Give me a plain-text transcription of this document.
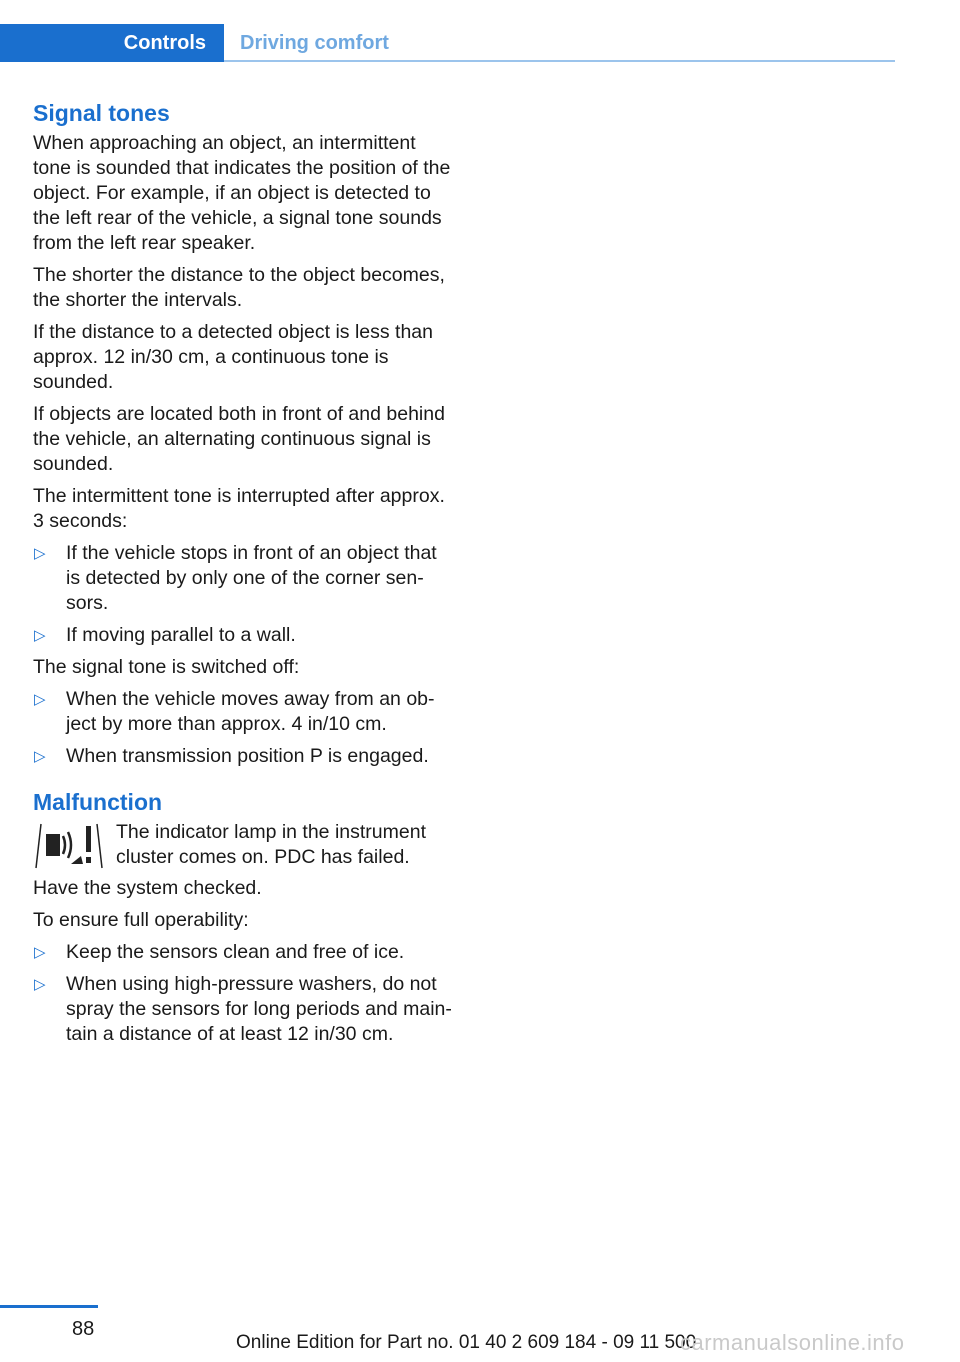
Controls	Driving comfort
Signal tones

When approaching an object, an intermittent tone is sounded that indicates the position of the object. For example, if an object is detected to the left rear of the vehicle, a signal tone sounds from the left rear speaker.

The shorter the distance to the object becomes, the shorter the intervals.

If the distance to a detected object is less than approx. 12 in/30 cm, a continuous tone is sounded.

If objects are located both in front of and behind the vehicle, an alternating continuous signal is sounded.

The intermittent tone is interrupted after approx. 3 seconds:

▷ If the vehicle stops in front of an object that is detected by only one of the corner sen-sors.
▷ If moving parallel to a wall.

The signal tone is switched off:

▷ When the vehicle moves away from an ob-ject by more than approx. 4 in/10 cm.
▷ When transmission position P is engaged.
Malfunction
The indicator lamp in the instrument cluster comes on. PDC has failed.

Have the system checked.

To ensure full operability:

▷ Keep the sensors clean and free of ice.
▷ When using high-pressure washers, do not spray the sensors for long periods and main-tain a distance of at least 12 in/30 cm.
88
Online Edition for Part no. 01 40 2 609 184 - 09 11 500
carmanualsonline.info
